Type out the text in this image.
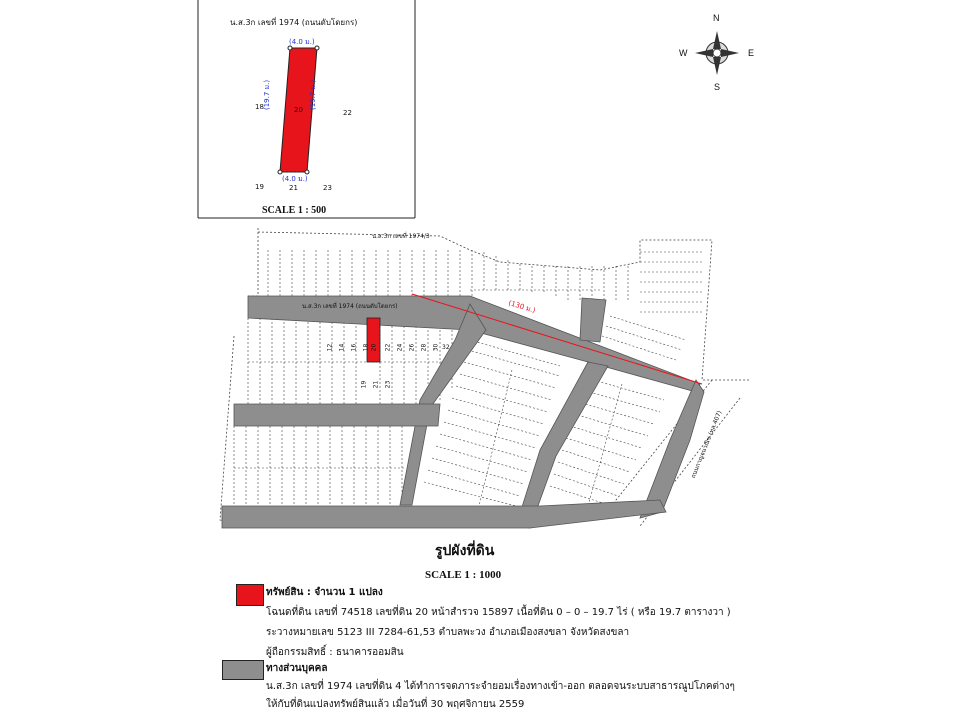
น.ส.3ก เลขที่ 1974 (ถนนดับโดยกร)
(4.0 ม.)
(4.0 ม.)
(19.7 ม.)	(19.7 ม.)
20
18
22
19	21	23
SCALE 1 : 500
N
S
E
W
น.ส.3ก เลขที่ 1974/3
น.ส.3ก เลขที่ 1974 (ถนนดับโดยกร)	(130 ม.)
ถนนกาญจนวณิช (ทล.407)
12 14 16 18 20 22 24 26 28 30 32
19 21 23
รูปผังที่ดิน
SCALE 1 : 1000
ทรัพย์สิน : จำนวน 1 แปลง
โฉนดที่ดิน เลขที่ 74518 เลขที่ดิน 20 หน้าสำรวจ 15897 เนื้อที่ดิน 0 – 0 – 19.7 ไร่ ( หรือ 19.7 ตารางวา )
ระวางหมายเลข 5123 III 7284-61,53 ตำบลพะวง อำเภอเมืองสงขลา จังหวัดสงขลา
ผู้ถือกรรมสิทธิ์ : ธนาคารออมสิน
ทางส่วนบุคคล
น.ส.3ก เลขที่ 1974 เลขที่ดิน 4 ได้ทำการจดภาระจำยอมเรื่องทางเข้า-ออก ตลอดจนระบบสาธารณูปโภคต่างๆ
ให้กับที่ดินแปลงทรัพย์สินแล้ว เมื่อวันที่ 30 พฤศจิกายน 2559
